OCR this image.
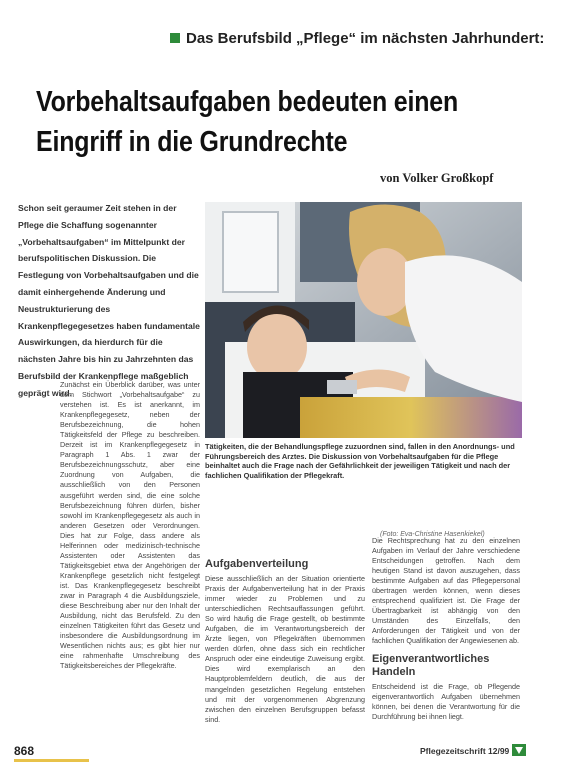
Das Berufsbild „Pflege“ im nächsten Jahrhundert:
Vorbehaltsaufgaben bedeuten einen
Eingriff in die Grundrechte
von Volker Großkopf
Schon seit geraumer Zeit stehen in der Pflege die Schaffung sogenannter „Vorbehaltsaufgaben“ im Mittelpunkt der berufspolitischen Diskussion. Die Festlegung von Vorbehaltsaufgaben und die damit einhergehende Änderung und Neustrukturierung des Krankenpflegegesetzes haben fundamentale Auswirkungen, da hierdurch für die nächsten Jahre bis hin zu Jahrzehnten das Berufsbild der Krankenpflege maßgeblich geprägt wird.
Tätigkeiten, die der Behandlungspflege zuzuordnen sind, fallen in den Anordnungs- und Führungsbereich des Arztes. Die Diskussion von Vorbehaltsaufgaben für die Pflege beinhaltet auch die Frage nach der Gefährlichkeit der jeweiligen Tätigkeit und nach der fachlichen Qualifikation der Pflegekraft.
(Foto: Eva-Christine Hasenkiekel)

Zunächst ein Überblick darüber, was unter dem Stichwort „Vorbehaltsaufgabe“ zu verstehen ist. Es ist anerkannt, im Krankenpflegegesetz, neben der Berufsbezeichnung, die hohen Tätigkeitsfeld der Pflege zu beschreiben. Derzeit ist im Krankenpflegegesetz in Paragraph 1 Abs. 1 zwar der Berufsbezeichnungsschutz, aber eine Zuordnung von Aufgaben, die ausschließlich von den Personen ausgeführt werden sind, die eine solche Berufsbezeichnung führen dürfen, bisher sowohl im Krankenpflegegesetz als auch in anderen Gesetzen oder Verordnungen. Dies hat zur Folge, dass andere als Helferinnen oder medizinisch-technische Assistenten oder Assistenten das Tätigkeitsgebiet etwa der Angehörigen der Krankenpflege gesetzlich nicht festgelegt ist. Das Krankenpflegegesetz beschreibt zwar in Paragraph 4 die Ausbildungsziele, diese Beschreibung aber nur den Inhalt der Ausbildung, nicht das Berufsfeld. Zu den einzelnen Tätigkeiten führt das Gesetz und insbesondere die Ausbildungsordnung im Wesentlichen nichts aus; es gibt hier nur eine rahmenhafte Umschreibung des Tätigkeitsbereiches der Pflegekräfte.

Aufgabenverteilung

Diese ausschließlich an der Situation orientierte Praxis der Aufgabenverteilung hat in der Praxis immer wieder zu Problemen und zu unterschiedlichen Rechtsauffassungen geführt. So wird häufig die Frage gestellt, ob bestimmte Aufgaben, die im Verantwortungsbereich der Ärzte liegen, von Pflegekräften übernommen werden dürfen, ohne dass sich ein rechtlicher Anspruch oder eine eindeutige Zuweisung ergibt. Dies wird exemplarisch an den Hauptproblemfeldern deutlich, die aus der mangelnden gesetzlichen Regelung entstehen und mit der vorgenommenen Abgrenzung zwischen den einzelnen Berufsgruppen befasst sind.

Die Rechtsprechung hat zu den einzelnen Aufgaben im Verlauf der Jahre verschiedene Entscheidungen getroffen. Nach dem heutigen Stand ist davon auszugehen, dass bestimmte Aufgaben auf das Pflegepersonal übertragen werden können, wenn dieses entsprechend qualifiziert ist. Die Frage der Übertragbarkeit ist abhängig von den Umständen des Einzelfalls, den Anforderungen der Tätigkeit und von der fachlichen Qualifikation der Angewiesenen ab.

Eigenverantwortliches Handeln

Entscheidend ist die Frage, ob Pflegende eigenverantwortlich Aufgaben übernehmen können, bei denen die Verantwortung für die Durchführung bei ihnen liegt.

868	Pflegezeitschrift 12/99
